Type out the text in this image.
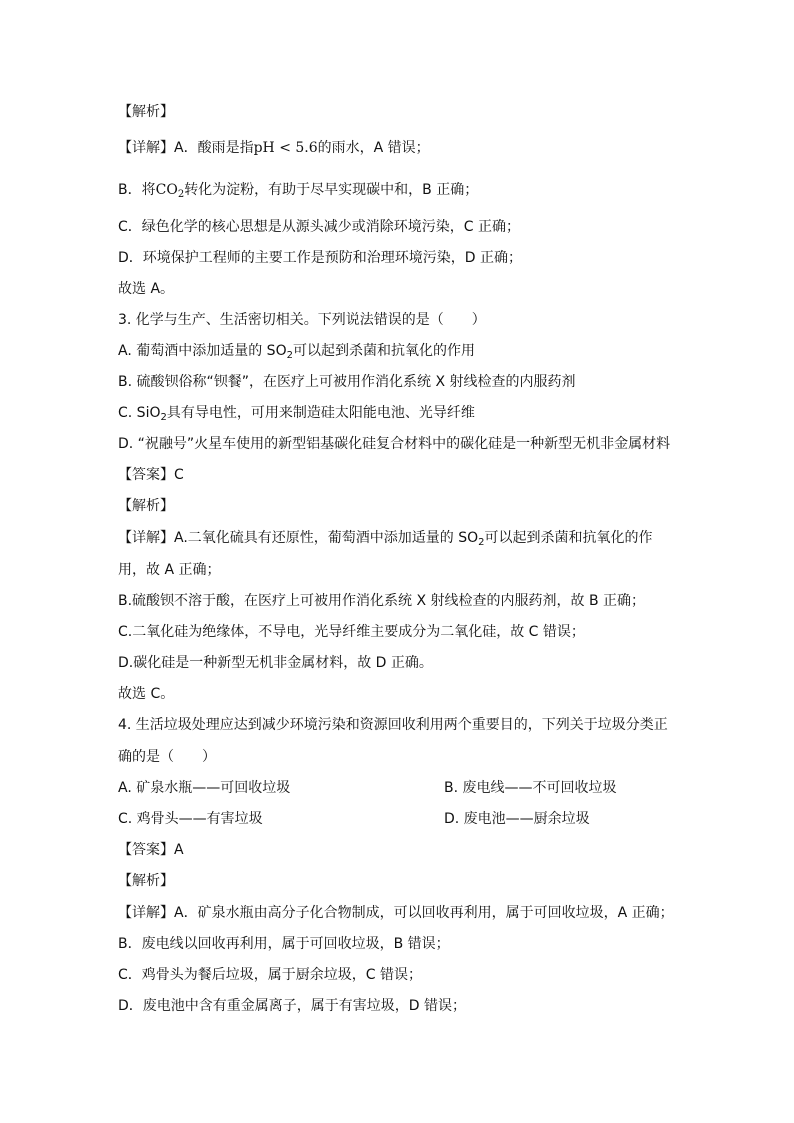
【解析】
【详解】A．酸雨是指pH < 5.6的雨水，A 错误；
B．将$CO_2$转化为淀粉，有助于尽早实现碳中和，B 正确；
C．绿色化学的核心思想是从源头减少或消除环境污染，C 正确；
D．环境保护工程师的主要工作是预防和治理环境污染，D 正确；
故选 A。
3. 化学与生产、生活密切相关。下列说法错误的是（　　）
A. 葡萄酒中添加适量的 $SO_2$可以起到杀菌和抗氧化的作用
B. 硫酸钡俗称“钡餐”，在医疗上可被用作消化系统 X 射线检查的内服药剂
C. SiO$_2$具有导电性，可用来制造硅太阳能电池、光导纤维
D. “祝融号”火星车使用的新型铝基碳化硅复合材料中的碳化硅是一种新型无机非金属材料
【答案】C
【解析】
【详解】A.二氧化硫具有还原性，葡萄酒中添加适量的 $SO_2$可以起到杀菌和抗氧化的作
用，故 A 正确；
B.硫酸钡不溶于酸，在医疗上可被用作消化系统 X 射线检查的内服药剂，故 B 正确；
C.二氧化硅为绝缘体，不导电，光导纤维主要成分为二氧化硅，故 C 错误；
D.碳化硅是一种新型无机非金属材料，故 D 正确。
故选 C。
4. 生活垃圾处理应达到减少环境污染和资源回收利用两个重要目的，下列关于垃圾分类正
确的是（　　）
A. 矿泉水瓶——可回收垃圾	B. 废电线——不可回收垃圾
C. 鸡骨头——有害垃圾	D. 废电池——厨余垃圾
【答案】A
【解析】
【详解】A．矿泉水瓶由高分子化合物制成，可以回收再利用，属于可回收垃圾，A 正确；
B．废电线以回收再利用，属于可回收垃圾，B 错误；
C．鸡骨头为餐后垃圾，属于厨余垃圾，C 错误；
D．废电池中含有重金属离子，属于有害垃圾，D 错误；
